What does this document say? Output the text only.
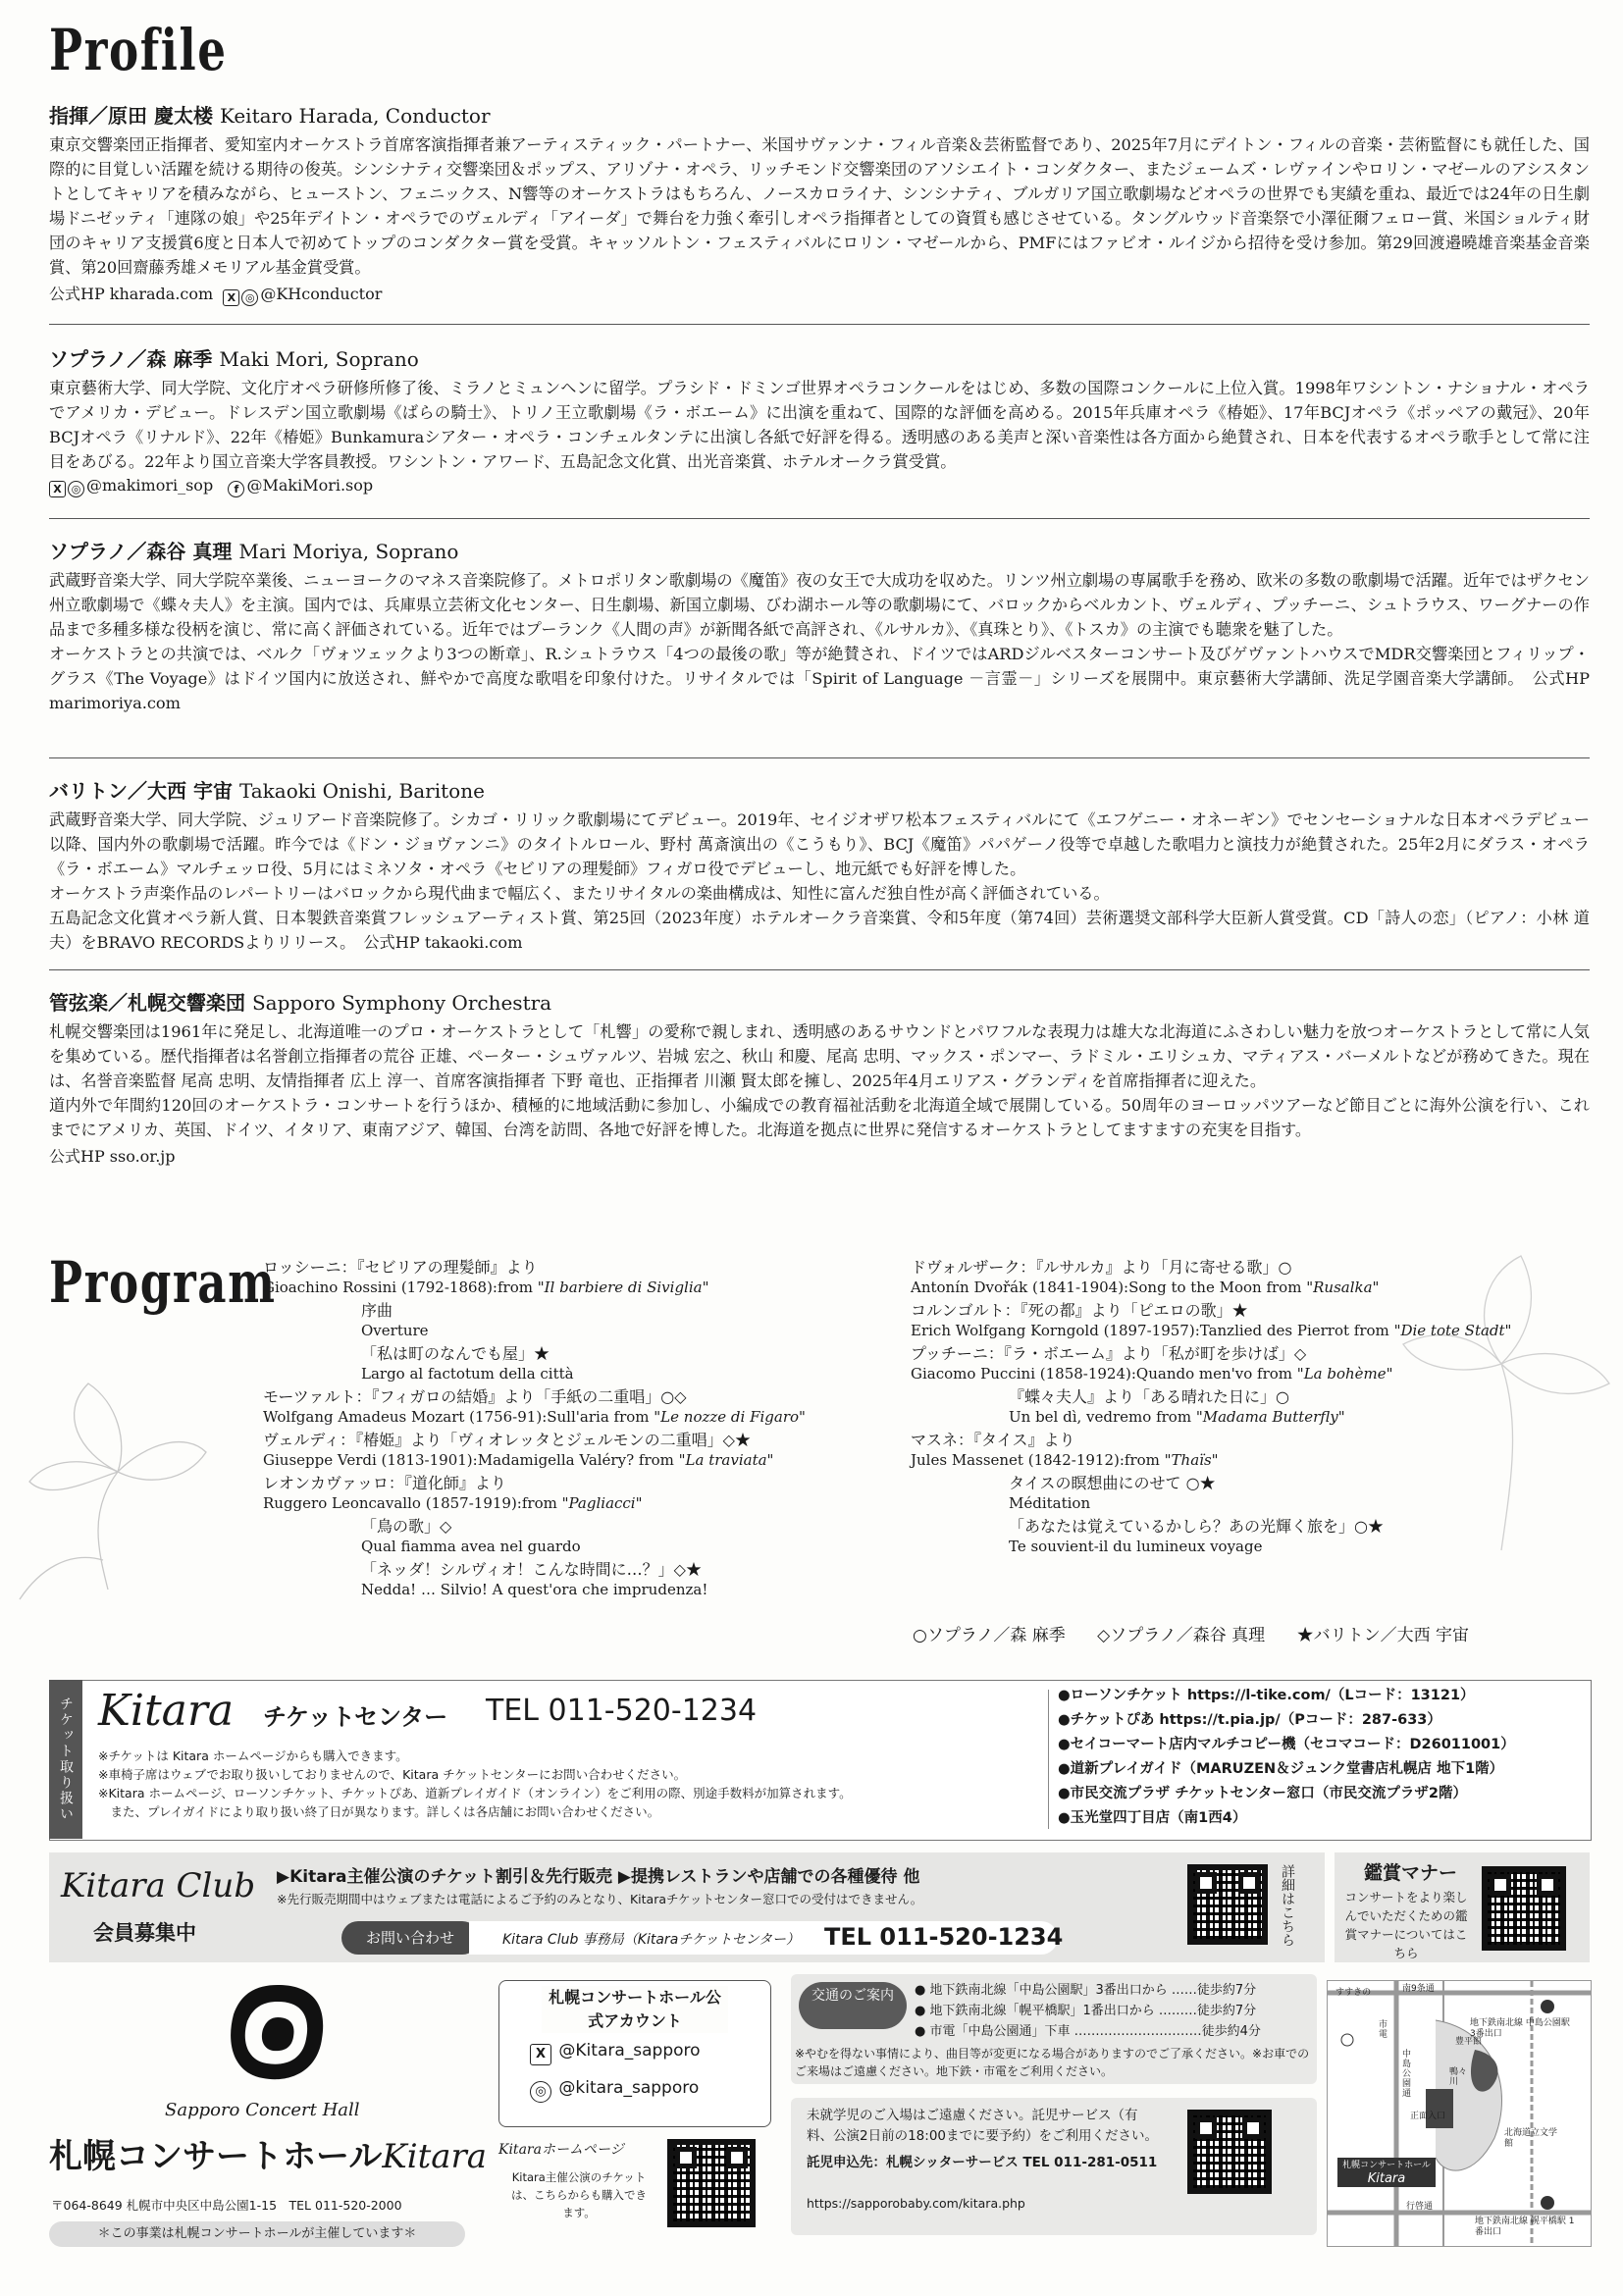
Profile
指揮／原田 慶太楼 Keitaro Harada, Conductor
東京交響楽団正指揮者、愛知室内オーケストラ首席客演指揮者兼アーティスティック・パートナー、米国サヴァンナ・フィル音楽＆芸術監督であり、2025年7月にデイトン・フィルの音楽・芸術監督にも就任した、国際的に目覚しい活躍を続ける期待の俊英。シンシナティ交響楽団＆ポップス、アリゾナ・オペラ、リッチモンド交響楽団のアソシエイト・コンダクター、またジェームズ・レヴァインやロリン・マゼールのアシスタントとしてキャリアを積みながら、ヒューストン、フェニックス、N響等のオーケストラはもちろん、ノースカロライナ、シンシナティ、ブルガリア国立歌劇場などオペラの世界でも実績を重ね、最近では24年の日生劇場ドニゼッティ「連隊の娘」や25年デイトン・オペラでのヴェルディ「アイーダ」で舞台を力強く牽引しオペラ指揮者としての資質も感じさせている。タングルウッド音楽祭で小澤征爾フェロー賞、米国ショルティ財団のキャリア支援賞6度と日本人で初めてトップのコンダクター賞を受賞。キャッソルトン・フェスティバルにロリン・マゼールから、PMFにはファビオ・ルイジから招待を受け参加。第29回渡邉曉雄音楽基金音楽賞、第20回齋藤秀雄メモリアル基金賞受賞。
公式HP kharada.com X ◎ @KHconductor
ソプラノ／森 麻季 Maki Mori, Soprano
東京藝術大学、同大学院、文化庁オペラ研修所修了後、ミラノとミュンヘンに留学。プラシド・ドミンゴ世界オペラコンクールをはじめ、多数の国際コンクールに上位入賞。1998年ワシントン・ナショナル・オペラでアメリカ・デビュー。ドレスデン国立歌劇場《ばらの騎士》、トリノ王立歌劇場《ラ・ボエーム》に出演を重ねて、国際的な評価を高める。2015年兵庫オペラ《椿姫》、17年BCJオペラ《ポッペアの戴冠》、20年BCJオペラ《リナルド》、22年《椿姫》Bunkamuraシアター・オペラ・コンチェルタンテに出演し各紙で好評を得る。透明感のある美声と深い音楽性は各方面から絶賛され、日本を代表するオペラ歌手として常に注目をあびる。22年より国立音楽大学客員教授。ワシントン・アワード、五島記念文化賞、出光音楽賞、ホテルオークラ賞受賞。
X ◎ @makimori_sop f @MakiMori.sop
ソプラノ／森谷 真理 Mari Moriya, Soprano
武蔵野音楽大学、同大学院卒業後、ニューヨークのマネス音楽院修了。メトロポリタン歌劇場の《魔笛》夜の女王で大成功を収めた。リンツ州立劇場の専属歌手を務め、欧米の多数の歌劇場で活躍。近年ではザクセン州立歌劇場で《蝶々夫人》を主演。国内では、兵庫県立芸術文化センター、日生劇場、新国立劇場、びわ湖ホール等の歌劇場にて、バロックからベルカント、ヴェルディ、プッチーニ、シュトラウス、ワーグナーの作品まで多種多様な役柄を演じ、常に高く評価されている。近年ではプーランク《人間の声》が新聞各紙で高評され、《ルサルカ》、《真珠とり》、《トスカ》の主演でも聴衆を魅了した。
オーケストラとの共演では、ベルク「ヴォツェックより3つの断章」、R.シュトラウス「4つの最後の歌」等が絶賛され、ドイツではARDジルベスターコンサート及びゲヴァントハウスでMDR交響楽団とフィリップ・グラス《The Voyage》はドイツ国内に放送され、鮮やかで高度な歌唱を印象付けた。リサイタルでは「Spirit of Language －言霊－」シリーズを展開中。東京藝術大学講師、洗足学園音楽大学講師。　公式HP marimoriya.com
バリトン／大西 宇宙 Takaoki Onishi, Baritone
武蔵野音楽大学、同大学院、ジュリアード音楽院修了。シカゴ・リリック歌劇場にてデビュー。2019年、セイジオザワ松本フェスティバルにて《エフゲニー・オネーギン》でセンセーショナルな日本オペラデビュー以降、国内外の歌劇場で活躍。昨今では《ドン・ジョヴァンニ》のタイトルロール、野村 萬斎演出の《こうもり》、BCJ《魔笛》パパゲーノ役等で卓越した歌唱力と演技力が絶賛された。25年2月にダラス・オペラ《ラ・ボエーム》マルチェッロ役、5月にはミネソタ・オペラ《セビリアの理髪師》フィガロ役でデビューし、地元紙でも好評を博した。
オーケストラ声楽作品のレパートリーはバロックから現代曲まで幅広く、またリサイタルの楽曲構成は、知性に富んだ独自性が高く評価されている。
五島記念文化賞オペラ新人賞、日本製鉄音楽賞フレッシュアーティスト賞、第25回（2023年度）ホテルオークラ音楽賞、令和5年度（第74回）芸術選奨文部科学大臣新人賞受賞。CD「詩人の恋」（ピアノ：小林 道夫）をBRAVO RECORDSよりリリース。　公式HP takaoki.com
管弦楽／札幌交響楽団 Sapporo Symphony Orchestra
札幌交響楽団は1961年に発足し、北海道唯一のプロ・オーケストラとして「札響」の愛称で親しまれ、透明感のあるサウンドとパワフルな表現力は雄大な北海道にふさわしい魅力を放つオーケストラとして常に人気を集めている。歴代指揮者は名誉創立指揮者の荒谷 正雄、ペーター・シュヴァルツ、岩城 宏之、秋山 和慶、尾高 忠明、マックス・ポンマー、ラドミル・エリシュカ、マティアス・バーメルトなどが務めてきた。現在は、名誉音楽監督 尾高 忠明、友情指揮者 広上 淳一、首席客演指揮者 下野 竜也、正指揮者 川瀬 賢太郎を擁し、2025年4月エリアス・グランディを首席指揮者に迎えた。
道内外で年間約120回のオーケストラ・コンサートを行うほか、積極的に地域活動に参加し、小編成での教育福祉活動を北海道全域で展開している。50周年のヨーロッパツアーなど節目ごとに海外公演を行い、これまでにアメリカ、英国、ドイツ、イタリア、東南アジア、韓国、台湾を訪問、各地で好評を博した。北海道を拠点に世界に発信するオーケストラとしてますますの充実を目指す。
公式HP sso.or.jp
Program
ロッシーニ：『セビリアの理髪師』より
Gioachino Rossini (1792-1868):from "Il barbiere di Siviglia"
序曲
Overture
「私は町のなんでも屋」★
Largo al factotum della città
モーツァルト：『フィガロの結婚』より「手紙の二重唱」○◇
Wolfgang Amadeus Mozart (1756-91):Sull'aria from "Le nozze di Figaro"
ヴェルディ：『椿姫』より「ヴィオレッタとジェルモンの二重唱」◇★
Giuseppe Verdi (1813-1901):Madamigella Valéry? from "La traviata"
レオンカヴァッロ：『道化師』より
Ruggero Leoncavallo (1857-1919):from "Pagliacci"
「鳥の歌」◇
Qual fiamma avea nel guardo
「ネッダ！シルヴィオ！こんな時間に…？」◇★
Nedda! … Silvio! A quest'ora che imprudenza!
ドヴォルザーク：『ルサルカ』より「月に寄せる歌」○
Antonín Dvořák (1841-1904):Song to the Moon from "Rusalka"
コルンゴルト：『死の都』より「ピエロの歌」★
Erich Wolfgang Korngold (1897-1957):Tanzlied des Pierrot from "Die tote Stadt"
プッチーニ：『ラ・ボエーム』より「私が町を歩けば」◇
Giacomo Puccini (1858-1924):Quando men'vo from "La bohème"
『蝶々夫人』より「ある晴れた日に」○
Un bel dì, vedremo from "Madama Butterfly"
マスネ：『タイス』より
Jules Massenet (1842-1912):from "Thaïs"
タイスの瞑想曲にのせて ○★
Méditation
「あなたは覚えているかしら？あの光輝く旅を」○★
Te souvient-il du lumineux voyage
○ソプラノ／森 麻季 ◇ソプラノ／森谷 真理 ★バリトン／大西 宇宙
チケット取り扱い Kitara チケットセンター TEL 011-520-1234
※チケットは Kitara ホームページからも購入できます。
※車椅子席はウェブでお取り扱いしておりませんので、Kitara チケットセンターにお問い合わせください。
※Kitara ホームページ、ローソンチケット、チケットぴあ、道新プレイガイド（オンライン）をご利用の際、別途手数料が加算されます。
　また、プレイガイドにより取り扱い終了日が異なります。詳しくは各店舗にお問い合わせください。
●ローソンチケット https://l-tike.com/（Lコード：13121）
●チケットぴあ https://t.pia.jp/（Pコード：287-633）
●セイコーマート店内マルチコピー機（セコマコード：D26011001）
●道新プレイガイド（MARUZEN＆ジュンク堂書店札幌店 地下1階）
●市民交流プラザ チケットセンター窓口（市民交流プラザ2階）
●玉光堂四丁目店（南1西4）
Kitara Club
会員募集中
▶Kitara主催公演のチケット割引＆先行販売 ▶提携レストランや店舗での各種優待 他
※先行販売期間中はウェブまたは電話によるご予約のみとなり、Kitaraチケットセンター窓口での受付はできません。
お問い合わせ	Kitara Club 事務局（Kitaraチケットセンター） TEL 011-520-1234	詳細はこちら	鑑賞マナー
コンサートをより楽しんでいただくための鑑賞マナーについてはこちら
Sapporo Concert Hall
札幌コンサートホールKitara
〒064-8649 札幌市中央区中島公園1-15　TEL 011-520-2000
＊この事業は札幌コンサートホールが主催しています＊
札幌コンサートホール公式アカウント
X @Kitara_sapporo
◎ @kitara_sapporo
Kitaraホームページ
Kitara主催公演のチケットは、こちらからも購入できます。
交通のご案内	● 地下鉄南北線「中島公園駅」3番出口から ……徒歩約7分
● 地下鉄南北線「幌平橋駅」1番出口から ………徒歩約7分
● 市電「中島公園通」下車 …………………………徒歩約4分
※やむを得ない事情により、曲目等が変更になる場合がありますのでご了承ください。※お車でのご来場はご遠慮ください。地下鉄・市電をご利用ください。
未就学児のご入場はご遠慮ください。託児サービス（有料、公演2日前の18:00までに要予約）をご利用ください。
託児申込先：札幌シッターサービス TEL 011-281-0511
https://sapporobaby.com/kitara.php
南9条通
地下鉄南北線 中島公園駅 3番出口
豊平館
中島公園通
正面入口
鴨々川
北海道立文学館
札幌コンサートホール
Kitara
行啓通
地下鉄南北線 幌平橋駅 1番出口
すすきの
市電
